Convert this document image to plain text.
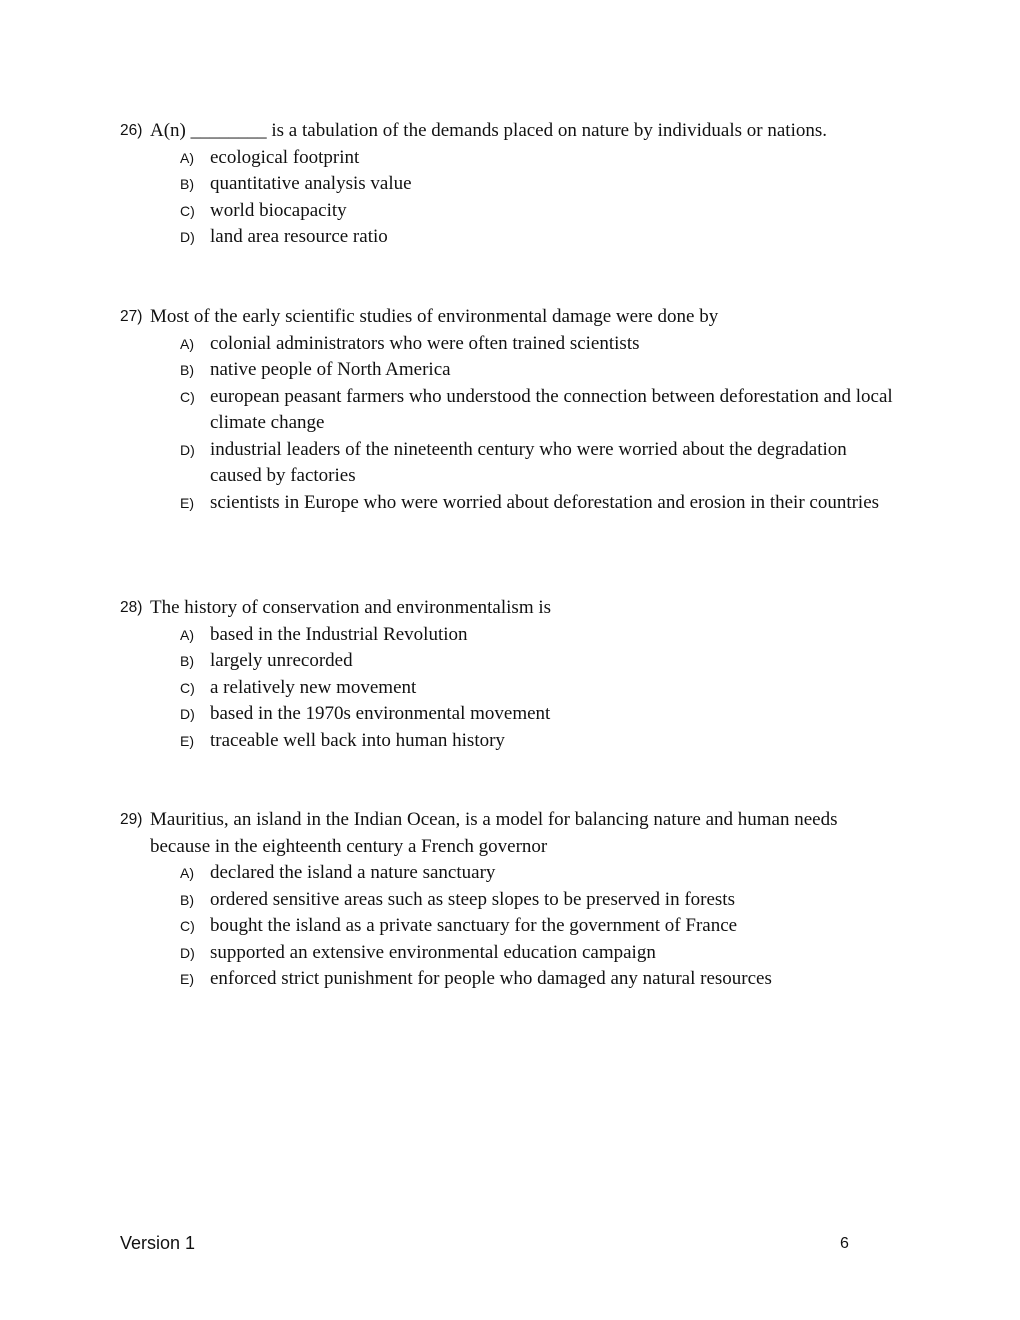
26) A(n) ________ is a tabulation of the demands placed on nature by individuals or nations.
A) ecological footprint
B) quantitative analysis value
C) world biocapacity
D) land area resource ratio
27) Most of the early scientific studies of environmental damage were done by
A) colonial administrators who were often trained scientists
B) native people of North America
C) european peasant farmers who understood the connection between deforestation and local climate change
D) industrial leaders of the nineteenth century who were worried about the degradation caused by factories
E) scientists in Europe who were worried about deforestation and erosion in their countries
28) The history of conservation and environmentalism is
A) based in the Industrial Revolution
B) largely unrecorded
C) a relatively new movement
D) based in the 1970s environmental movement
E) traceable well back into human history
29) Mauritius, an island in the Indian Ocean, is a model for balancing nature and human needs because in the eighteenth century a French governor
A) declared the island a nature sanctuary
B) ordered sensitive areas such as steep slopes to be preserved in forests
C) bought the island as a private sanctuary for the government of France
D) supported an extensive environmental education campaign
E) enforced strict punishment for people who damaged any natural resources
Version 1	6
